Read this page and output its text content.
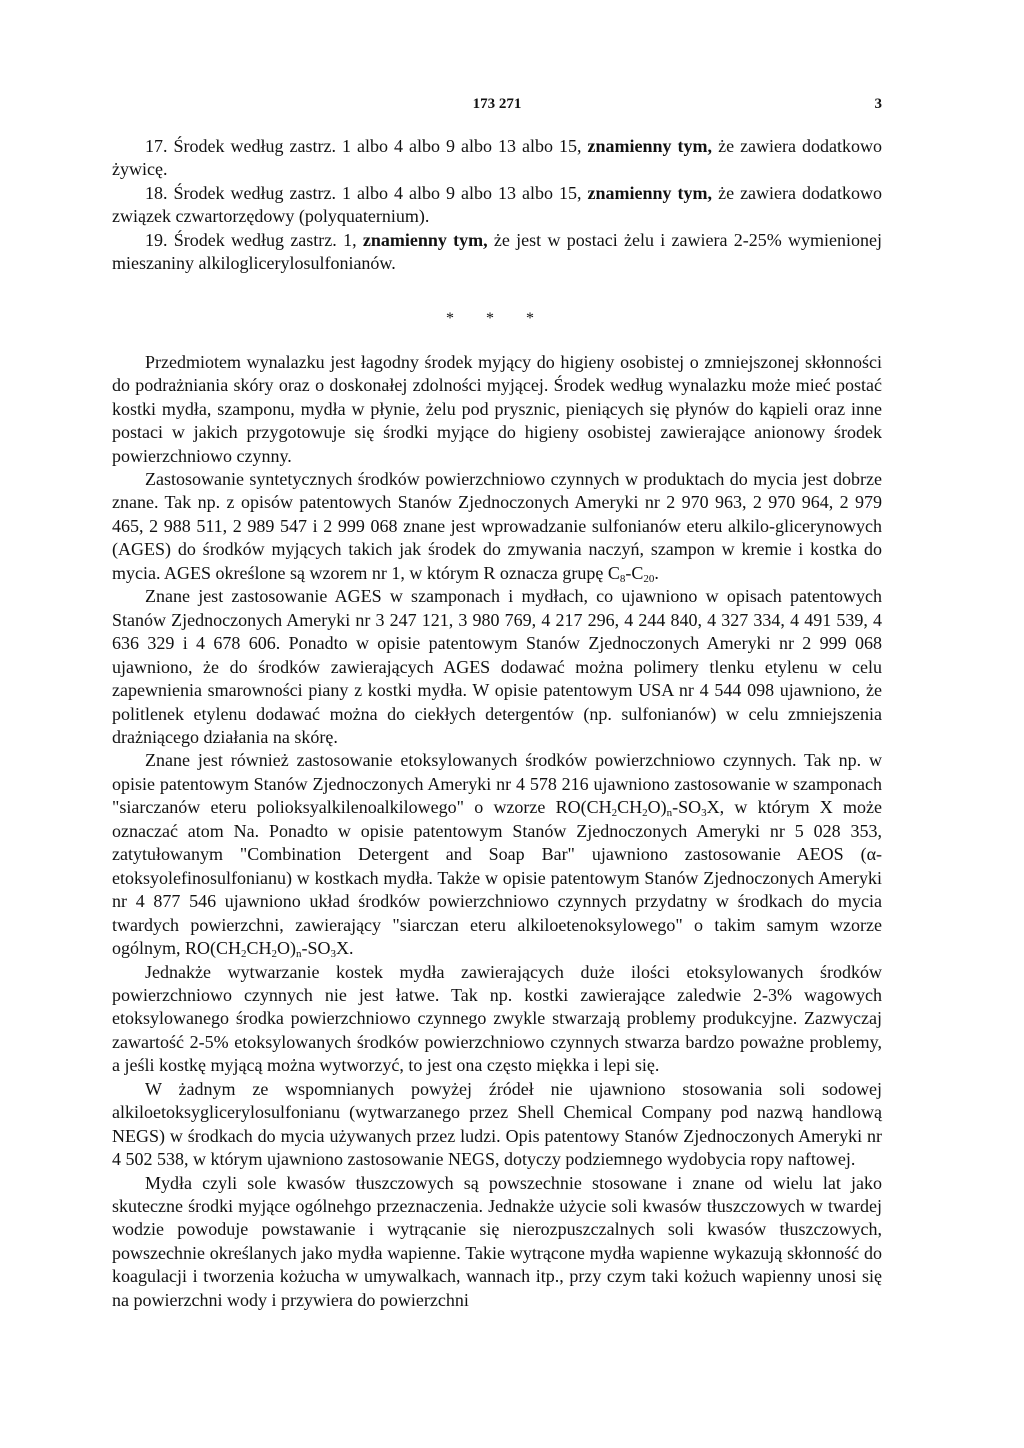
173 271	3

17. Środek według zastrz. 1 albo 4 albo 9 albo 13 albo 15, znamienny tym, że zawiera dodatkowo żywicę.

18. Środek według zastrz. 1 albo 4 albo 9 albo 13 albo 15, znamienny tym, że zawiera dodatkowo związek czwartorzędowy (polyquaternium).

19. Środek według zastrz. 1, znamienny tym, że jest w postaci żelu i zawiera 2-25% wymienionej mieszaniny alkiloglicerylosulfonianów.

* * *

Przedmiotem wynalazku jest łagodny środek myjący do higieny osobistej o zmniejszonej skłonności do podrażniania skóry oraz o doskonałej zdolności myjącej. Środek według wynalazku może mieć postać kostki mydła, szamponu, mydła w płynie, żelu pod prysznic, pieniących się płynów do kąpieli oraz inne postaci w jakich przygotowuje się środki myjące do higieny osobistej zawierające anionowy środek powierzchniowo czynny.

Zastosowanie syntetycznych środków powierzchniowo czynnych w produktach do mycia jest dobrze znane. Tak np. z opisów patentowych Stanów Zjednoczonych Ameryki nr 2 970 963, 2 970 964, 2 979 465, 2 988 511, 2 989 547 i 2 999 068 znane jest wprowadzanie sulfonianów eteru alkilo-glicerynowych (AGES) do środków myjących takich jak środek do zmywania naczyń, szampon w kremie i kostka do mycia. AGES określone są wzorem nr 1, w którym R oznacza grupę $C_8-C_{20}$.

Znane jest zastosowanie AGES w szamponach i mydłach, co ujawniono w opisach patentowych Stanów Zjednoczonych Ameryki nr 3 247 121, 3 980 769, 4 217 296, 4 244 840, 4 327 334, 4 491 539, 4 636 329 i 4 678 606. Ponadto w opisie patentowym Stanów Zjednoczonych Ameryki nr 2 999 068 ujawniono, że do środków zawierających AGES dodawać można polimery tlenku etylenu w celu zapewnienia smarowności piany z kostki mydła. W opisie patentowym USA nr 4 544 098 ujawniono, że politlenek etylenu dodawać można do ciekłych detergentów (np. sulfonianów) w celu zmniejszenia drażniącego działania na skórę.

Znane jest również zastosowanie etoksylowanych środków powierzchniowo czynnych. Tak np. w opisie patentowym Stanów Zjednoczonych Ameryki nr 4 578 216 ujawniono zastosowanie w szamponach "siarczanów eteru polioksyalkilenoalkilowego" o wzorze $RO(CH_2CH_2O)_n-SO_3X$, w którym X może oznaczać atom Na. Ponadto w opisie patentowym Stanów Zjednoczonych Ameryki nr 5 028 353, zatytułowanym "Combination Detergent and Soap Bar" ujawniono zastosowanie AEOS (α-etoksyolefinosulfonianu) w kostkach mydła. Także w opisie patentowym Stanów Zjednoczonych Ameryki nr 4 877 546 ujawniono układ środków powierzchniowo czynnych przydatny w środkach do mycia twardych powierzchni, zawierający "siarczan eteru alkiloetenoksylowego" o takim samym wzorze ogólnym, $RO(CH_2CH_2O)_n-SO_3X$.

Jednakże wytwarzanie kostek mydła zawierających duże ilości etoksylowanych środków powierzchniowo czynnych nie jest łatwe. Tak np. kostki zawierające zaledwie 2-3% wagowych etoksylowanego środka powierzchniowo czynnego zwykle stwarzają problemy produkcyjne. Zazwyczaj zawartość 2-5% etoksylowanych środków powierzchniowo czynnych stwarza bardzo poważne problemy, a jeśli kostkę myjącą można wytworzyć, to jest ona często miękka i lepi się.

W żadnym ze wspomnianych powyżej źródeł nie ujawniono stosowania soli sodowej alkiloetoksyglicerylosulfonianu (wytwarzanego przez Shell Chemical Company pod nazwą handlową NEGS) w środkach do mycia używanych przez ludzi. Opis patentowy Stanów Zjednoczonych Ameryki nr 4 502 538, w którym ujawniono zastosowanie NEGS, dotyczy podziemnego wydobycia ropy naftowej.

Mydła czyli sole kwasów tłuszczowych są powszechnie stosowane i znane od wielu lat jako skuteczne środki myjące ogólnehgo przeznaczenia. Jednakże użycie soli kwasów tłuszczowych w twardej wodzie powoduje powstawanie i wytrącanie się nierozpuszczalnych soli kwasów tłuszczowych, powszechnie określanych jako mydła wapienne. Takie wytrącone mydła wapienne wykazują skłonność do koagulacji i tworzenia kożucha w umywalkach, wannach itp., przy czym taki kożuch wapienny unosi się na powierzchni wody i przywiera do powierzchni
